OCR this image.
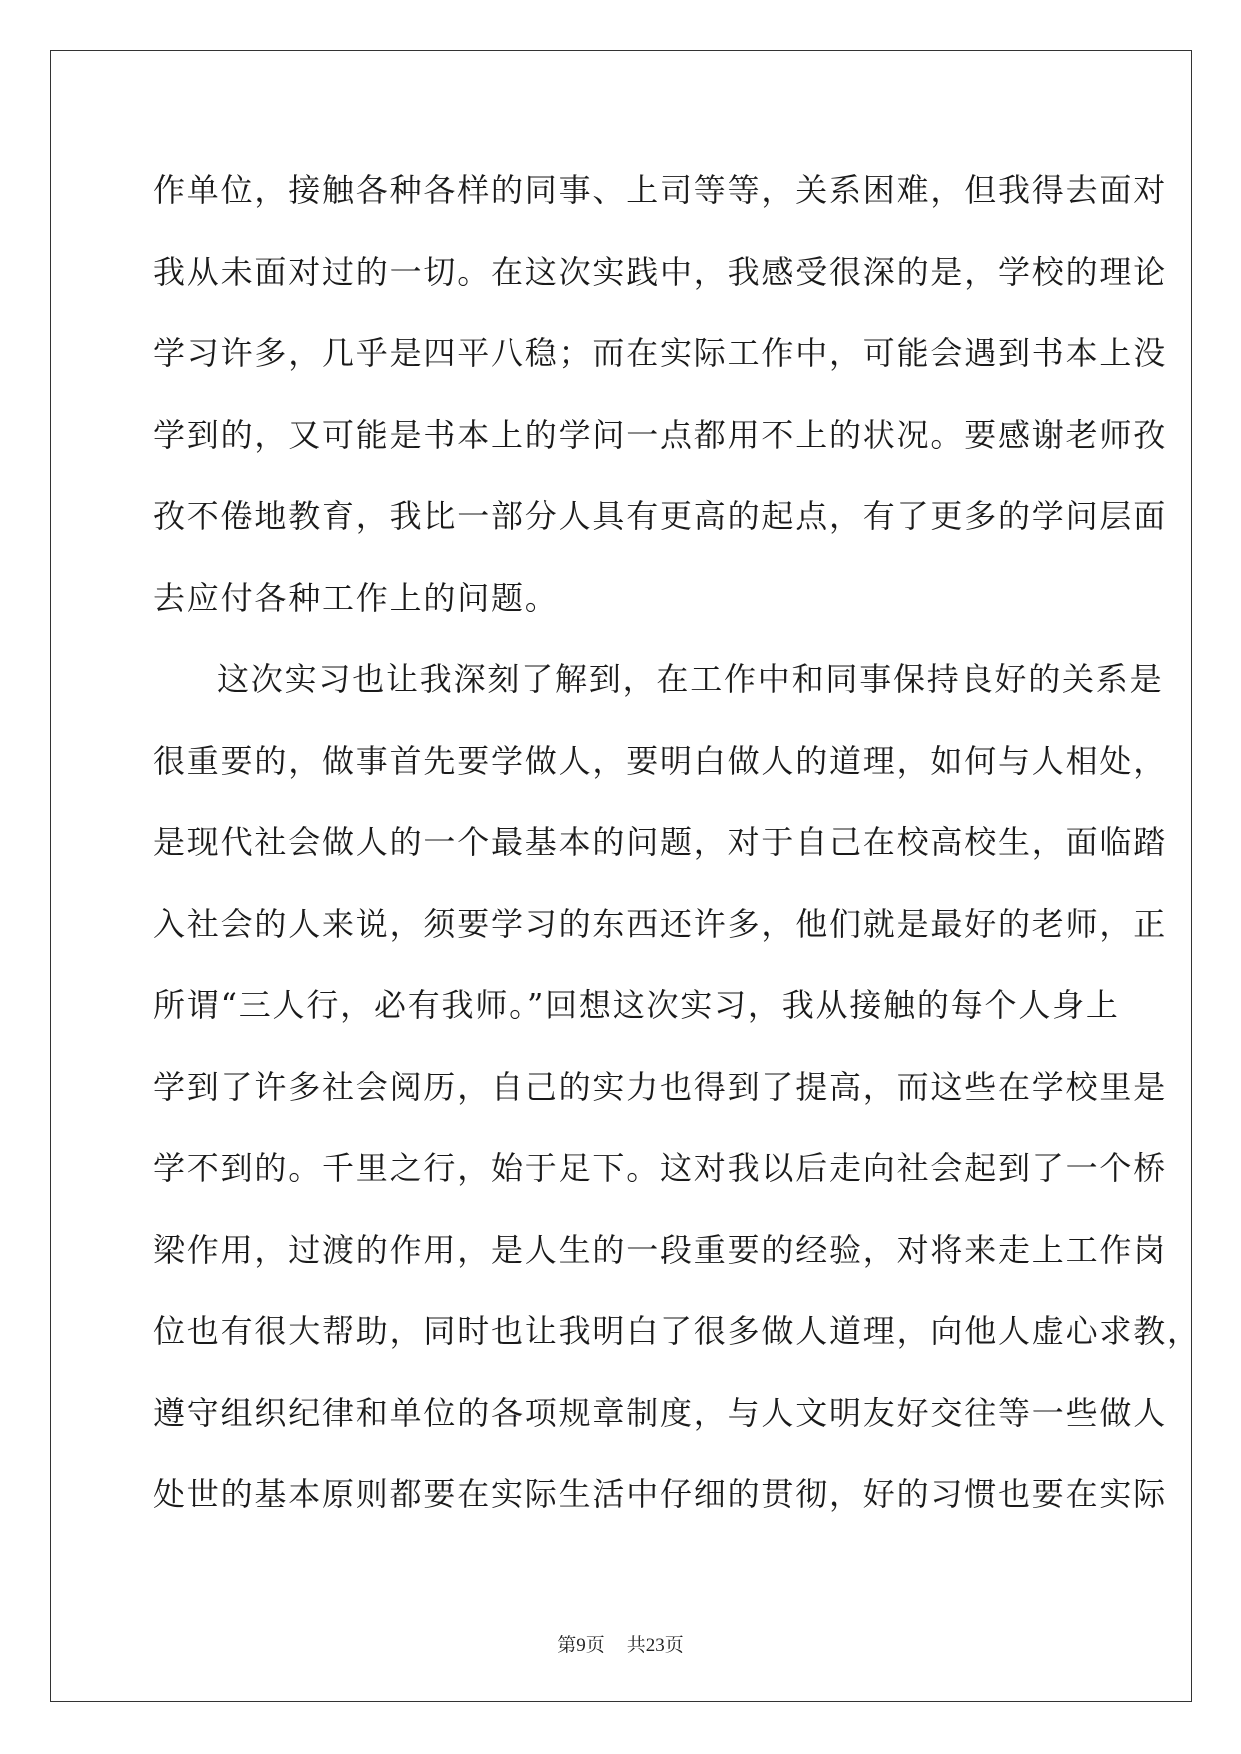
作单位，接触各种各样的同事、上司等等，关系困难，但我得去面对
我从未面对过的一切。在这次实践中，我感受很深的是，学校的理论
学习许多，几乎是四平八稳；而在实际工作中，可能会遇到书本上没
学到的，又可能是书本上的学问一点都用不上的状况。要感谢老师孜
孜不倦地教育，我比一部分人具有更高的起点，有了更多的学问层面
去应付各种工作上的问题。
这次实习也让我深刻了解到，在工作中和同事保持良好的关系是
很重要的，做事首先要学做人，要明白做人的道理，如何与人相处，
是现代社会做人的一个最基本的问题，对于自己在校高校生，面临踏
入社会的人来说，须要学习的东西还许多，他们就是最好的老师，正
所谓“三人行，必有我师。”回想这次实习，我从接触的每个人身上
学到了许多社会阅历，自己的实力也得到了提高，而这些在学校里是
学不到的。千里之行，始于足下。这对我以后走向社会起到了一个桥
梁作用，过渡的作用，是人生的一段重要的经验，对将来走上工作岗
位也有很大帮助，同时也让我明白了很多做人道理，向他人虚心求教，
遵守组织纪律和单位的各项规章制度，与人文明友好交往等一些做人
处世的基本原则都要在实际生活中仔细的贯彻，好的习惯也要在实际
第9页 共23页
